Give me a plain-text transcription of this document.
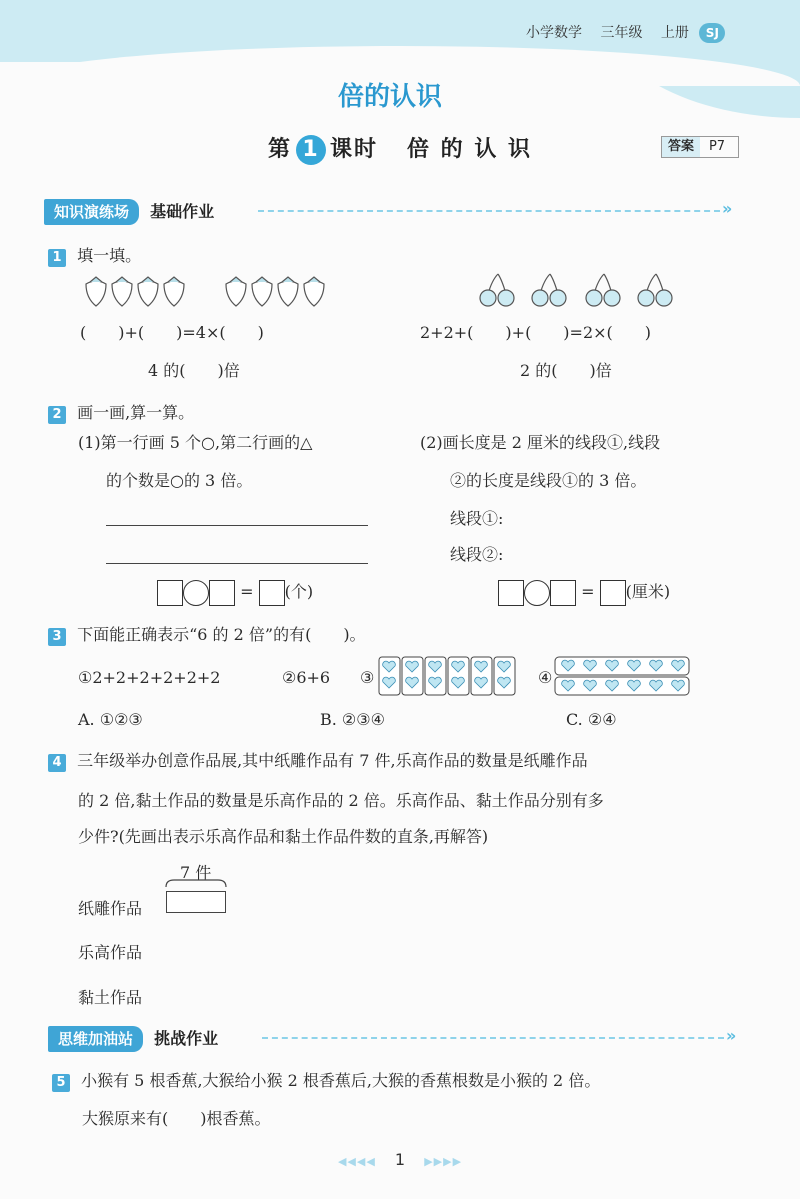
小学数学 三年级 上册 SJ
倍的认识
第 1 课时 倍 的 认 识	答案 P7
知识演练场 基础作业	»
1 填一填。
(　　)+(　　)=4×(　　)
4 的(　　)倍
2+2+(　　)+(　　)=2×(　　)
2 的(　　)倍
2 画一画,算一算。
(1)第一行画 5 个○,第二行画的△
的个数是○的 3 倍。
= (个)
(2)画长度是 2 厘米的线段①,线段
②的长度是线段①的 3 倍。
线段①:
线段②:
= (厘米)
3 下面能正确表示“6 的 2 倍”的有(　　)。
①2+2+2+2+2+2	②6+6 ③	④
A. ①②③	B. ②③④	C. ②④
4 三年级举办创意作品展,其中纸雕作品有 7 件,乐高作品的数量是纸雕作品
的 2 倍,黏土作品的数量是乐高作品的 2 倍。乐高作品、黏土作品分别有多
少件?(先画出表示乐高作品和黏土作品件数的直条,再解答)
7 件
纸雕作品
乐高作品
黏土作品
思维加油站 挑战作业	»
5 小猴有 5 根香蕉,大猴给小猴 2 根香蕉后,大猴的香蕉根数是小猴的 2 倍。
大猴原来有(　　)根香蕉。
◀◀◀◀ 1 ▶▶▶▶
